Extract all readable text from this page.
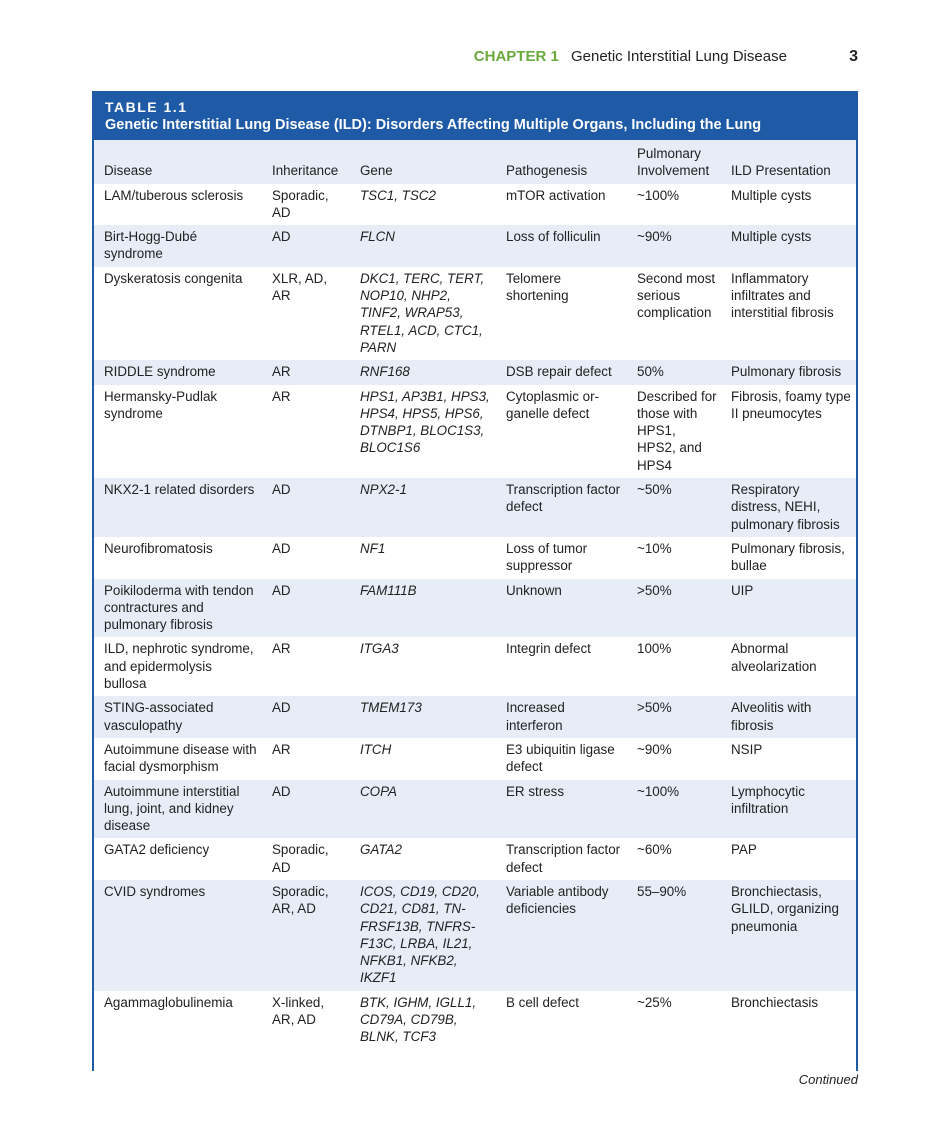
CHAPTER 1 Genetic Interstitial Lung Disease	3
TABLE 1.1
Genetic Interstitial Lung Disease (ILD): Disorders Affecting Multiple Organs, Including the Lung
Disease	Inheritance	Gene	Pathogenesis	Pulmonary Involvement	ILD Presentation
LAM/tuberous sclerosis	Sporadic, AD	TSC1, TSC2	mTOR activation	~100%	Multiple cysts
Birt-Hogg-Dubé syndrome	AD	FLCN	Loss of folliculin	~90%	Multiple cysts
Dyskeratosis congenita	XLR, AD, AR	DKC1, TERC, TERT, NOP10, NHP2, TINF2, WRAP53, RTEL1, ACD, CTC1, PARN	Telomere shortening	Second most serious complication	Inflammatory infiltrates and interstitial fibrosis
RIDDLE syndrome	AR	RNF168	DSB repair defect	50%	Pulmonary fibrosis
Hermansky-Pudlak syndrome	AR	HPS1, AP3B1, HPS3, HPS4, HPS5, HPS6, DTNBP1, BLOC1S3, BLOC1S6	Cytoplasmic organelle defect	Described for those with HPS1, HPS2, and HPS4	Fibrosis, foamy type II pneumocytes
NKX2-1 related disorders	AD	NPX2-1	Transcription factor defect	~50%	Respiratory distress, NEHI, pulmonary fibrosis
Neurofibromatosis	AD	NF1	Loss of tumor suppressor	~10%	Pulmonary fibrosis, bullae
Poikiloderma with tendon contractures and pulmonary fibrosis	AD	FAM111B	Unknown	>50%	UIP
ILD, nephrotic syndrome, and epidermolysis bullosa	AR	ITGA3	Integrin defect	100%	Abnormal alveolarization
STING-associated vasculopathy	AD	TMEM173	Increased interferon	>50%	Alveolitis with fibrosis
Autoimmune disease with facial dysmorphism	AR	ITCH	E3 ubiquitin ligase defect	~90%	NSIP
Autoimmune interstitial lung, joint, and kidney disease	AD	COPA	ER stress	~100%	Lymphocytic infiltration
GATA2 deficiency	Sporadic, AD	GATA2	Transcription factor defect	~60%	PAP
CVID syndromes	Sporadic, AR, AD	ICOS, CD19, CD20, CD21, CD81, TNFRSF13B, TNFRSF13C, LRBA, IL21, NFKB1, NFKB2, IKZF1	Variable antibody deficiencies	55–90%	Bronchiectasis, GLILD, organizing pneumonia
Agammaglobulinemia	X-linked, AR, AD	BTK, IGHM, IGLL1, CD79A, CD79B, BLNK, TCF3	B cell defect	~25%	Bronchiectasis
Continued
